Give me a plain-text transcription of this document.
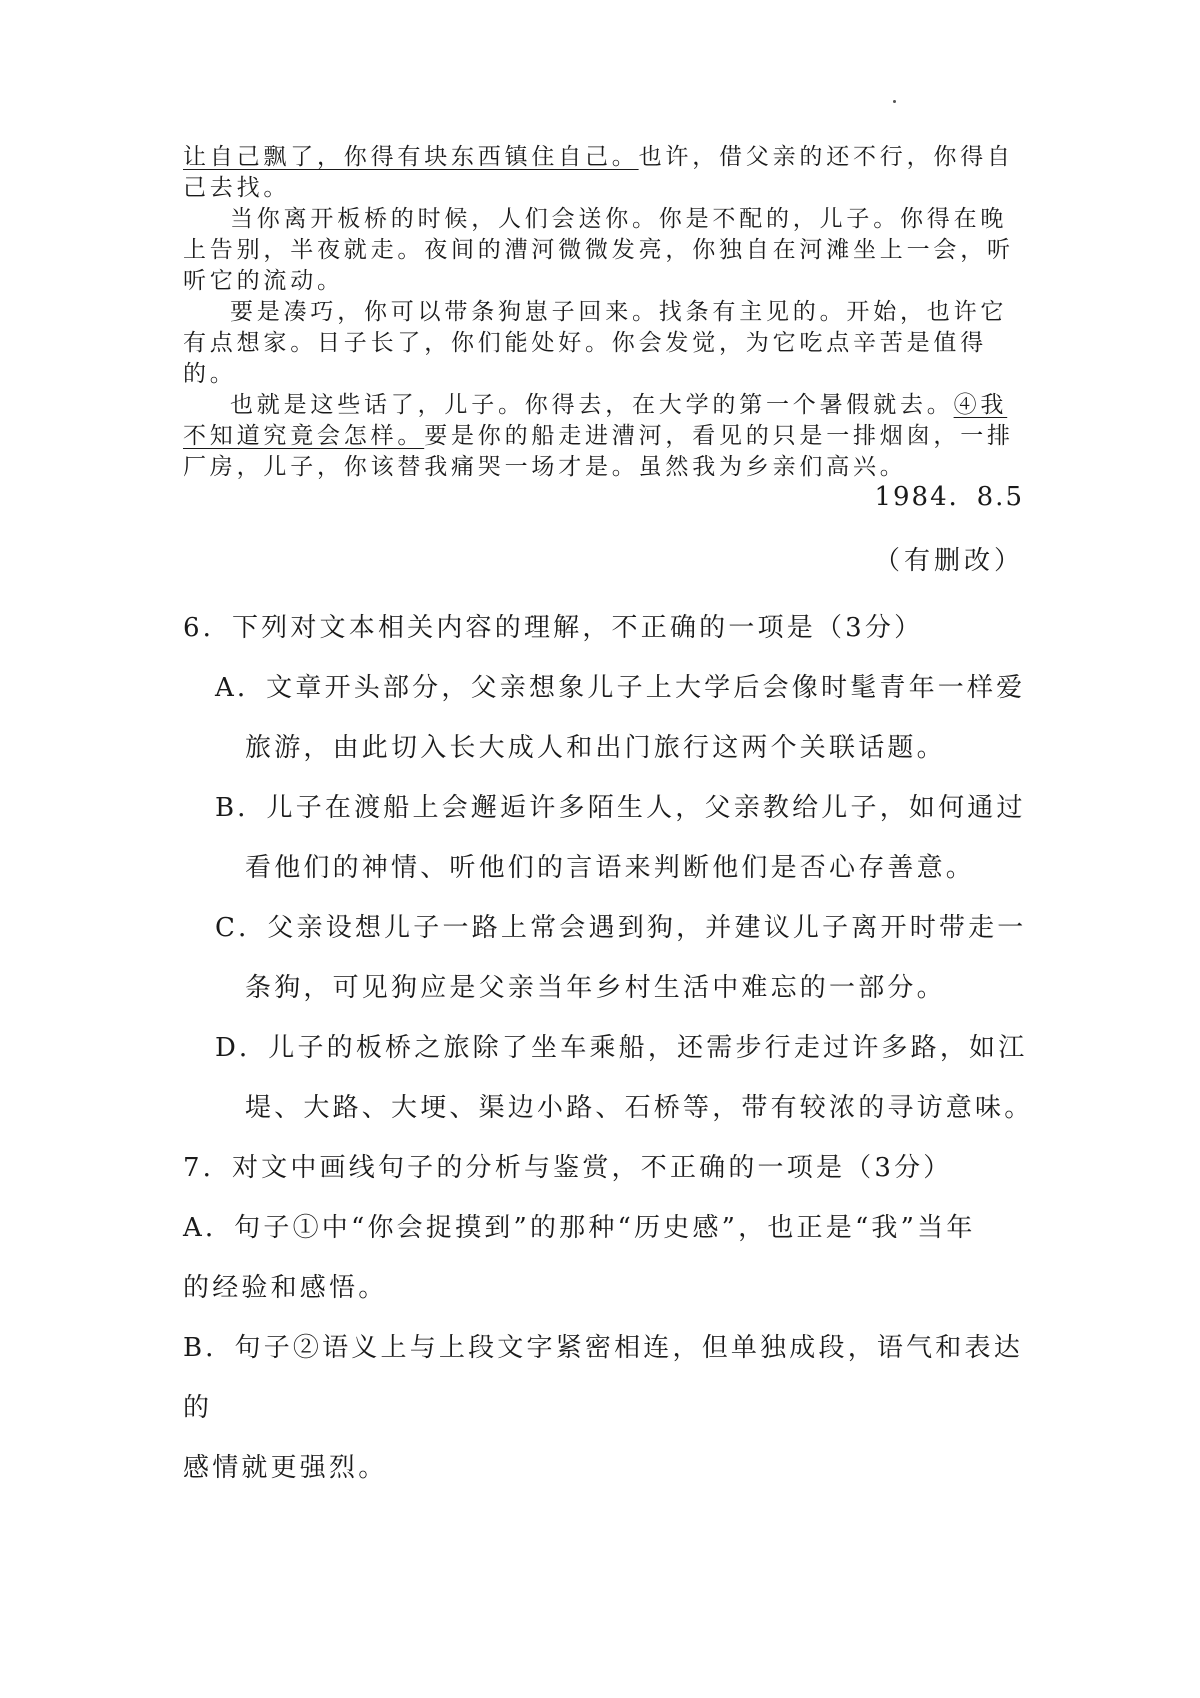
让自己飘了，你得有块东西镇住自己。也许，借父亲的还不行，你得自己去找。

当你离开板桥的时候，人们会送你。你是不配的，儿子。你得在晚上告别，半夜就走。夜间的漕河微微发亮，你独自在河滩坐上一会，听听它的流动。

要是凑巧，你可以带条狗崽子回来。找条有主见的。开始，也许它有点想家。日子长了，你们能处好。你会发觉，为它吃点辛苦是值得的。

也就是这些话了，儿子。你得去，在大学的第一个暑假就去。④我不知道究竟会怎样。要是你的船走进漕河，看见的只是一排烟囱，一排厂房，儿子，你该替我痛哭一场才是。虽然我为乡亲们高兴。

1984．8.5
（有删改）

6．下列对文本相关内容的理解，不正确的一项是（3分）

A．文章开头部分，父亲想象儿子上大学后会像时髦青年一样爱
旅游，由此切入长大成人和出门旅行这两个关联话题。

B．儿子在渡船上会邂逅许多陌生人，父亲教给儿子，如何通过
看他们的神情、听他们的言语来判断他们是否心存善意。

C．父亲设想儿子一路上常会遇到狗，并建议儿子离开时带走一
条狗，可见狗应是父亲当年乡村生活中难忘的一部分。

D．儿子的板桥之旅除了坐车乘船，还需步行走过许多路，如江
堤、大路、大埂、渠边小路、石桥等，带有较浓的寻访意味。

7．对文中画线句子的分析与鉴赏，不正确的一项是（3分）

A．句子①中“你会捉摸到”的那种“历史感”，也正是“我”当年
的经验和感悟。

B．句子②语义上与上段文字紧密相连，但单独成段，语气和表达的
感情就更强烈。
